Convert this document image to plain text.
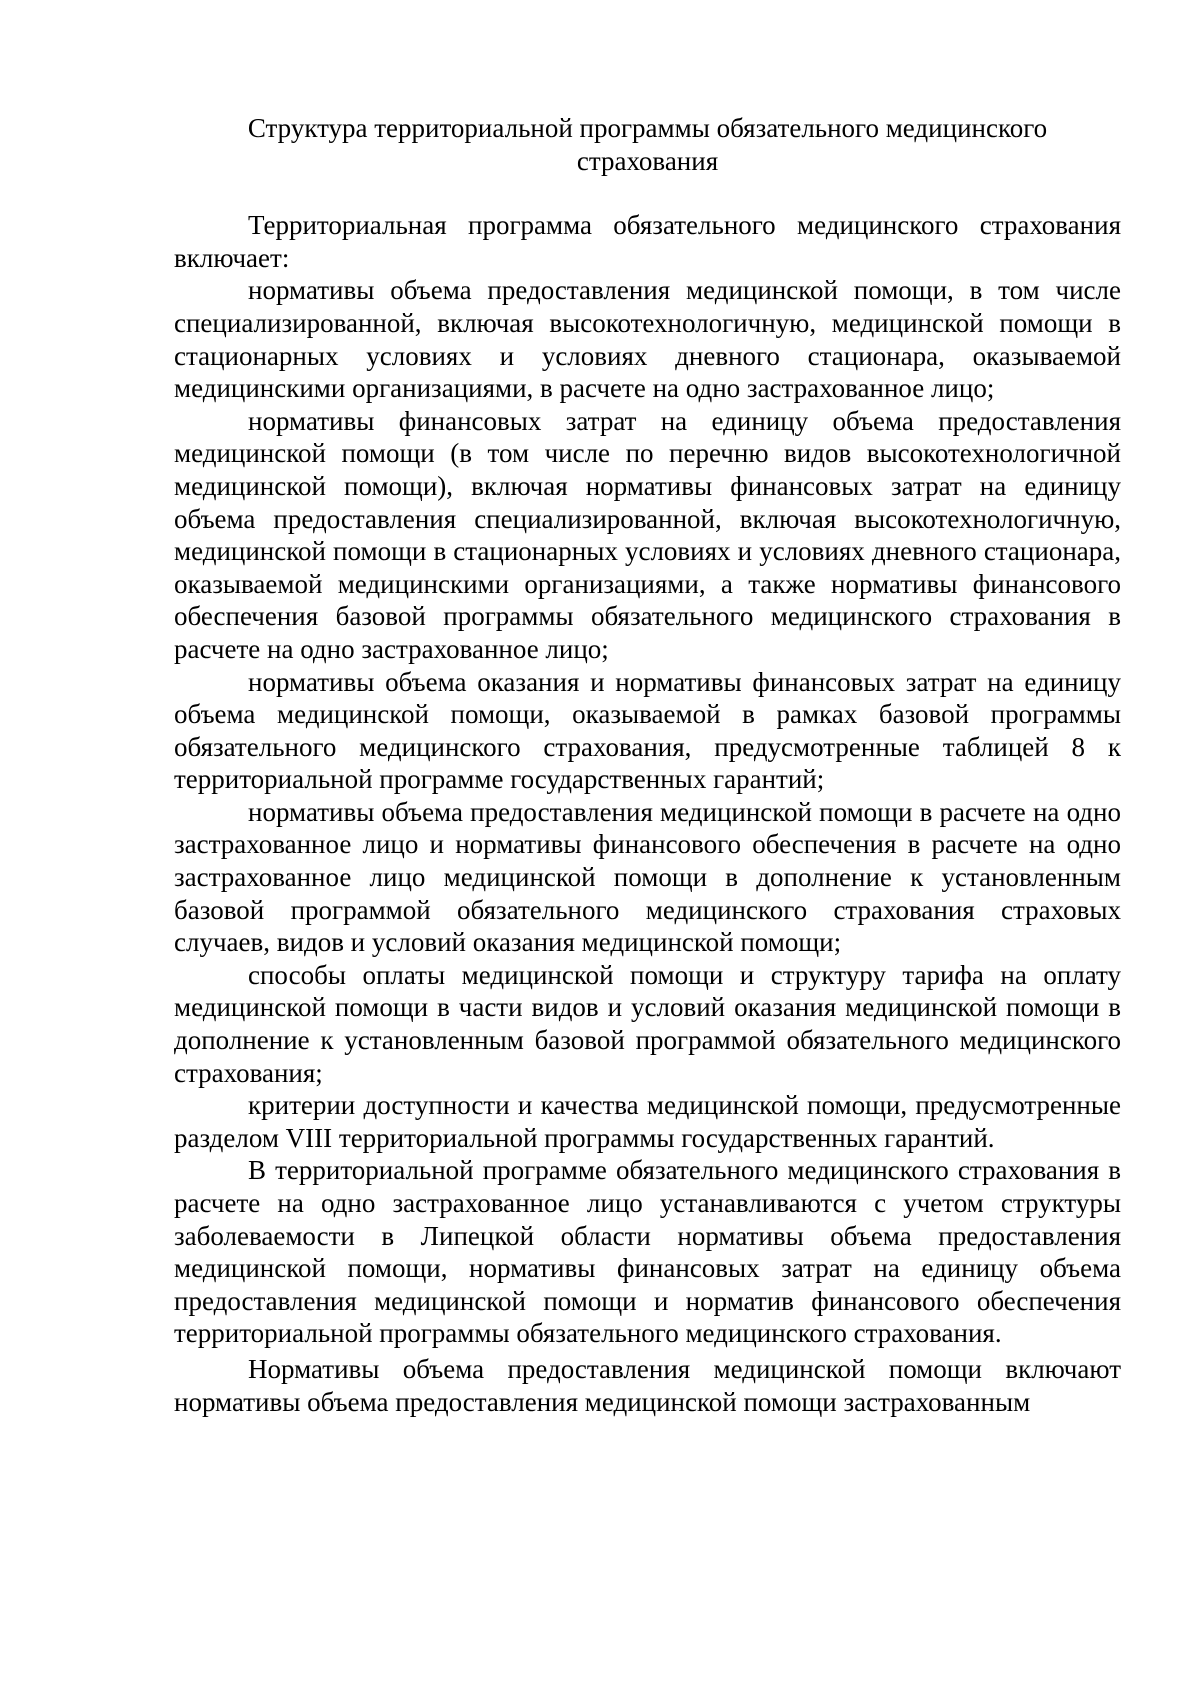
Структура территориальной программы обязательного медицинского страхования

Территориальная программа обязательного медицинского страхования включает:

нормативы объема предоставления медицинской помощи, в том числе специализированной, включая высокотехнологичную, медицинской помощи в стационарных условиях и условиях дневного стационара, оказываемой медицинскими организациями, в расчете на одно застрахованное лицо;

нормативы финансовых затрат на единицу объема предоставления медицинской помощи (в том числе по перечню видов высокотехнологичной медицинской помощи), включая нормативы финансовых затрат на единицу объема предоставления специализированной, включая высокотехнологичную, медицинской помощи в стационарных условиях и условиях дневного стационара, оказываемой медицинскими организациями, а также нормативы финансового обеспечения базовой программы обязательного медицинского страхования в расчете на одно застрахованное лицо;

нормативы объема оказания и нормативы финансовых затрат на единицу объема медицинской помощи, оказываемой в рамках базовой программы обязательного медицинского страхования, предусмотренные таблицей 8 к территориальной программе государственных гарантий;

нормативы объема предоставления медицинской помощи в расчете на одно застрахованное лицо и нормативы финансового обеспечения в расчете на одно застрахованное лицо медицинской помощи в дополнение к установленным базовой программой обязательного медицинского страхования страховых случаев, видов и условий оказания медицинской помощи;

способы оплаты медицинской помощи и структуру тарифа на оплату медицинской помощи в части видов и условий оказания медицинской помощи в дополнение к установленным базовой программой обязательного медицинского страхования;

критерии доступности и качества медицинской помощи, предусмотренные разделом VIII территориальной программы государственных гарантий.

В территориальной программе обязательного медицинского страхования в расчете на одно застрахованное лицо устанавливаются с учетом структуры заболеваемости в Липецкой области нормативы объема предоставления медицинской помощи, нормативы финансовых затрат на единицу объема предоставления медицинской помощи и норматив финансового обеспечения территориальной программы обязательного медицинского страхования.

Нормативы объема предоставления медицинской помощи включают нормативы объема предоставления медицинской помощи застрахованным
